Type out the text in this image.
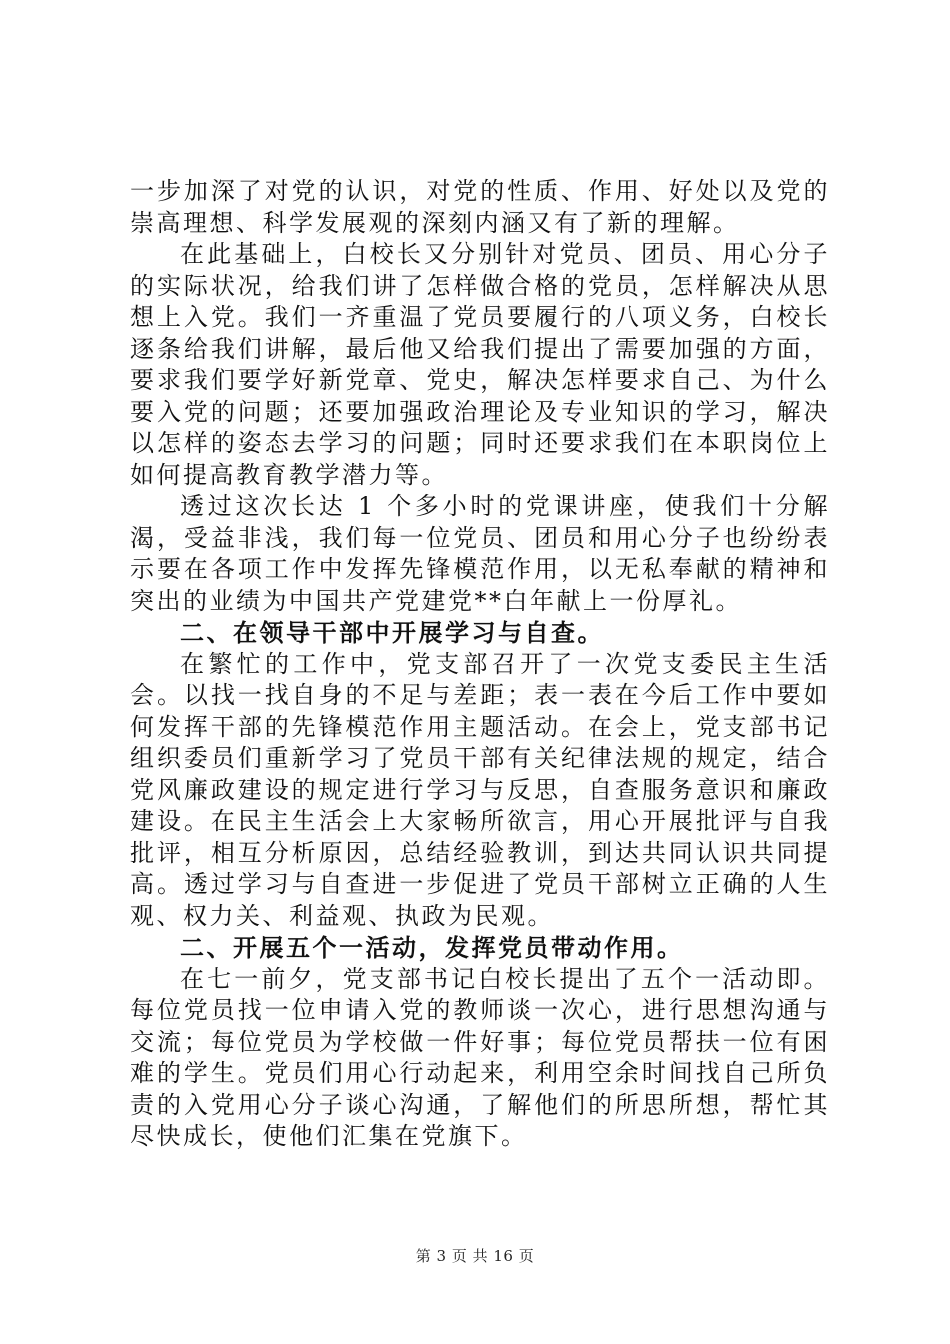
一步加深了对党的认识，对党的性质、作用、好处以及党的崇高理想、科学发展观的深刻内涵又有了新的理解。

在此基础上，白校长又分别针对党员、团员、用心分子的实际状况，给我们讲了怎样做合格的党员，怎样解决从思想上入党。我们一齐重温了党员要履行的八项义务，白校长逐条给我们讲解，最后他又给我们提出了需要加强的方面，要求我们要学好新党章、党史，解决怎样要求自己、为什么要入党的问题；还要加强政治理论及专业知识的学习，解决以怎样的姿态去学习的问题；同时还要求我们在本职岗位上如何提高教育教学潜力等。

透过这次长达 1 个多小时的党课讲座，使我们十分解渴，受益非浅，我们每一位党员、团员和用心分子也纷纷表示要在各项工作中发挥先锋模范作用，以无私奉献的精神和突出的业绩为中国共产党建党**白年献上一份厚礼。

二、在领导干部中开展学习与自查。

在繁忙的工作中，党支部召开了一次党支委民主生活会。以找一找自身的不足与差距；表一表在今后工作中要如何发挥干部的先锋模范作用主题活动。在会上，党支部书记组织委员们重新学习了党员干部有关纪律法规的规定，结合党风廉政建设的规定进行学习与反思，自查服务意识和廉政建设。在民主生活会上大家畅所欲言，用心开展批评与自我批评，相互分析原因，总结经验教训，到达共同认识共同提高。透过学习与自查进一步促进了党员干部树立正确的人生观、权力关、利益观、执政为民观。

二、开展五个一活动，发挥党员带动作用。

在七一前夕，党支部书记白校长提出了五个一活动即。每位党员找一位申请入党的教师谈一次心，进行思想沟通与交流；每位党员为学校做一件好事；每位党员帮扶一位有困难的学生。党员们用心行动起来，利用空余时间找自己所负责的入党用心分子谈心沟通，了解他们的所思所想，帮忙其尽快成长，使他们汇集在党旗下。

第 3 页 共 16 页
